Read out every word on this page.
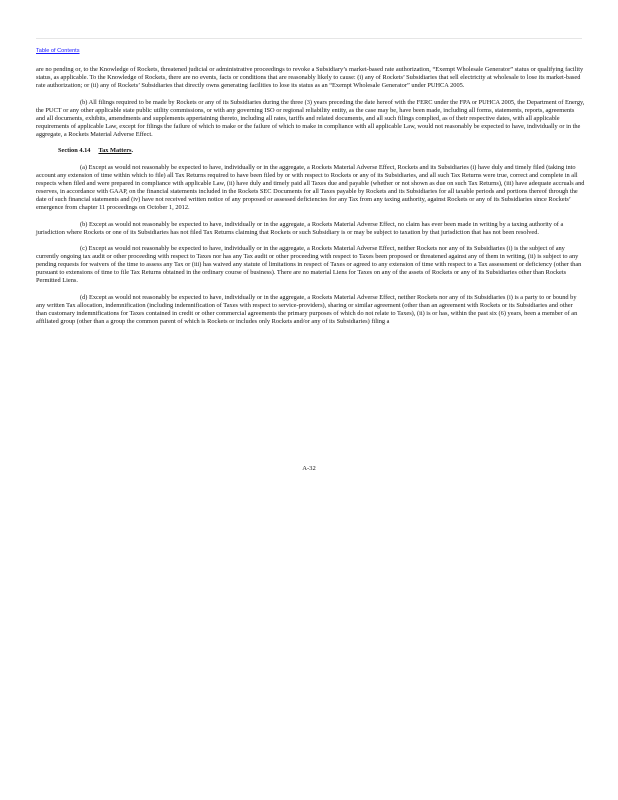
Table of Contents

are no pending or, to the Knowledge of Rockets, threatened judicial or administrative proceedings to revoke a Subsidiary’s market-based rate authorization, “Exempt Wholesale Generator” status or qualifying facility status, as applicable. To the Knowledge of Rockets, there are no events, facts or conditions that are reasonably likely to cause: (i) any of Rockets’ Subsidiaries that sell electricity at wholesale to lose its market-based rate authorization; or (ii) any of Rockets’ Subsidiaries that directly owns generating facilities to lose its status as an “Exempt Wholesale Generator” under PUHCA 2005.

(b) All filings required to be made by Rockets or any of its Subsidiaries during the three (3) years preceding the date hereof with the FERC under the FPA or PUHCA 2005, the Department of Energy, the PUCT or any other applicable state public utility commissions, or with any governing ISO or regional reliability entity, as the case may be, have been made, including all forms, statements, reports, agreements and all documents, exhibits, amendments and supplements appertaining thereto, including all rates, tariffs and related documents, and all such filings complied, as of their respective dates, with all applicable requirements of applicable Law, except for filings the failure of which to make or the failure of which to make in compliance with all applicable Law, would not reasonably be expected to have, individually or in the aggregate, a Rockets Material Adverse Effect.

Section 4.14 Tax Matters.

(a) Except as would not reasonably be expected to have, individually or in the aggregate, a Rockets Material Adverse Effect, Rockets and its Subsidiaries (i) have duly and timely filed (taking into account any extension of time within which to file) all Tax Returns required to have been filed by or with respect to Rockets or any of its Subsidiaries, and all such Tax Returns were true, correct and complete in all respects when filed and were prepared in compliance with applicable Law, (ii) have duly and timely paid all Taxes due and payable (whether or not shown as due on such Tax Returns), (iii) have adequate accruals and reserves, in accordance with GAAP, on the financial statements included in the Rockets SEC Documents for all Taxes payable by Rockets and its Subsidiaries for all taxable periods and portions thereof through the date of such financial statements and (iv) have not received written notice of any proposed or assessed deficiencies for any Tax from any taxing authority, against Rockets or any of its Subsidiaries since Rockets’ emergence from chapter 11 proceedings on October 1, 2012.

(b) Except as would not reasonably be expected to have, individually or in the aggregate, a Rockets Material Adverse Effect, no claim has ever been made in writing by a taxing authority of a jurisdiction where Rockets or one of its Subsidiaries has not filed Tax Returns claiming that Rockets or such Subsidiary is or may be subject to taxation by that jurisdiction that has not been resolved.

(c) Except as would not reasonably be expected to have, individually or in the aggregate, a Rockets Material Adverse Effect, neither Rockets nor any of its Subsidiaries (i) is the subject of any currently ongoing tax audit or other proceeding with respect to Taxes nor has any Tax audit or other proceeding with respect to Taxes been proposed or threatened against any of them in writing, (ii) is subject to any pending requests for waivers of the time to assess any Tax or (iii) has waived any statute of limitations in respect of Taxes or agreed to any extension of time with respect to a Tax assessment or deficiency (other than pursuant to extensions of time to file Tax Returns obtained in the ordinary course of business). There are no material Liens for Taxes on any of the assets of Rockets or any of its Subsidiaries other than Rockets Permitted Liens.

(d) Except as would not reasonably be expected to have, individually or in the aggregate, a Rockets Material Adverse Effect, neither Rockets nor any of its Subsidiaries (i) is a party to or bound by any written Tax allocation, indemnification (including indemnification of Taxes with respect to service-providers), sharing or similar agreement (other than an agreement with Rockets or its Subsidiaries and other than customary indemnifications for Taxes contained in credit or other commercial agreements the primary purposes of which do not relate to Taxes), (ii) is or has, within the past six (6) years, been a member of an affiliated group (other than a group the common parent of which is Rockets or includes only Rockets and/or any of its Subsidiaries) filing a

A-32
